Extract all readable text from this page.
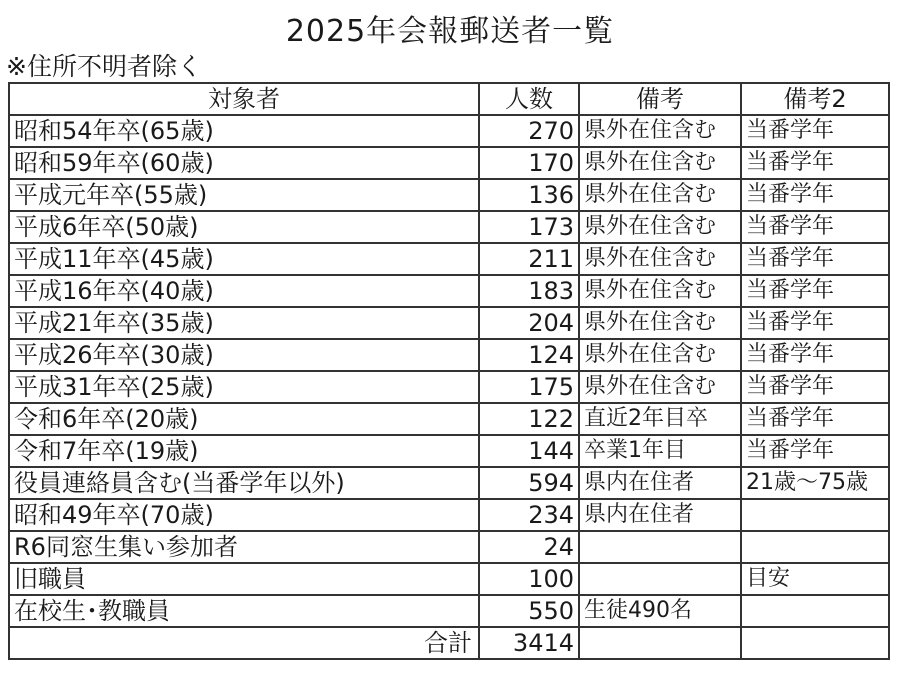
2025年会報郵送者一覧
※住所不明者除く
対象者	人数	備考	備考2
昭和54年卒(65歳)	270	県外在住含む	当番学年
昭和59年卒(60歳)	170	県外在住含む	当番学年
平成元年卒(55歳)	136	県外在住含む	当番学年
平成6年卒(50歳)	173	県外在住含む	当番学年
平成11年卒(45歳)	211	県外在住含む	当番学年
平成16年卒(40歳)	183	県外在住含む	当番学年
平成21年卒(35歳)	204	県外在住含む	当番学年
平成26年卒(30歳)	124	県外在住含む	当番学年
平成31年卒(25歳)	175	県外在住含む	当番学年
令和6年卒(20歳)	122	直近2年目卒	当番学年
令和7年卒(19歳)	144	卒業1年目	当番学年
役員連絡員含む(当番学年以外)	594	県内在住者	21歳～75歳
昭和49年卒(70歳)	234	県内在住者	
R6同窓生集い参加者	24		
旧職員	100		目安
在校生･教職員	550	生徒490名	
合計	3414		
